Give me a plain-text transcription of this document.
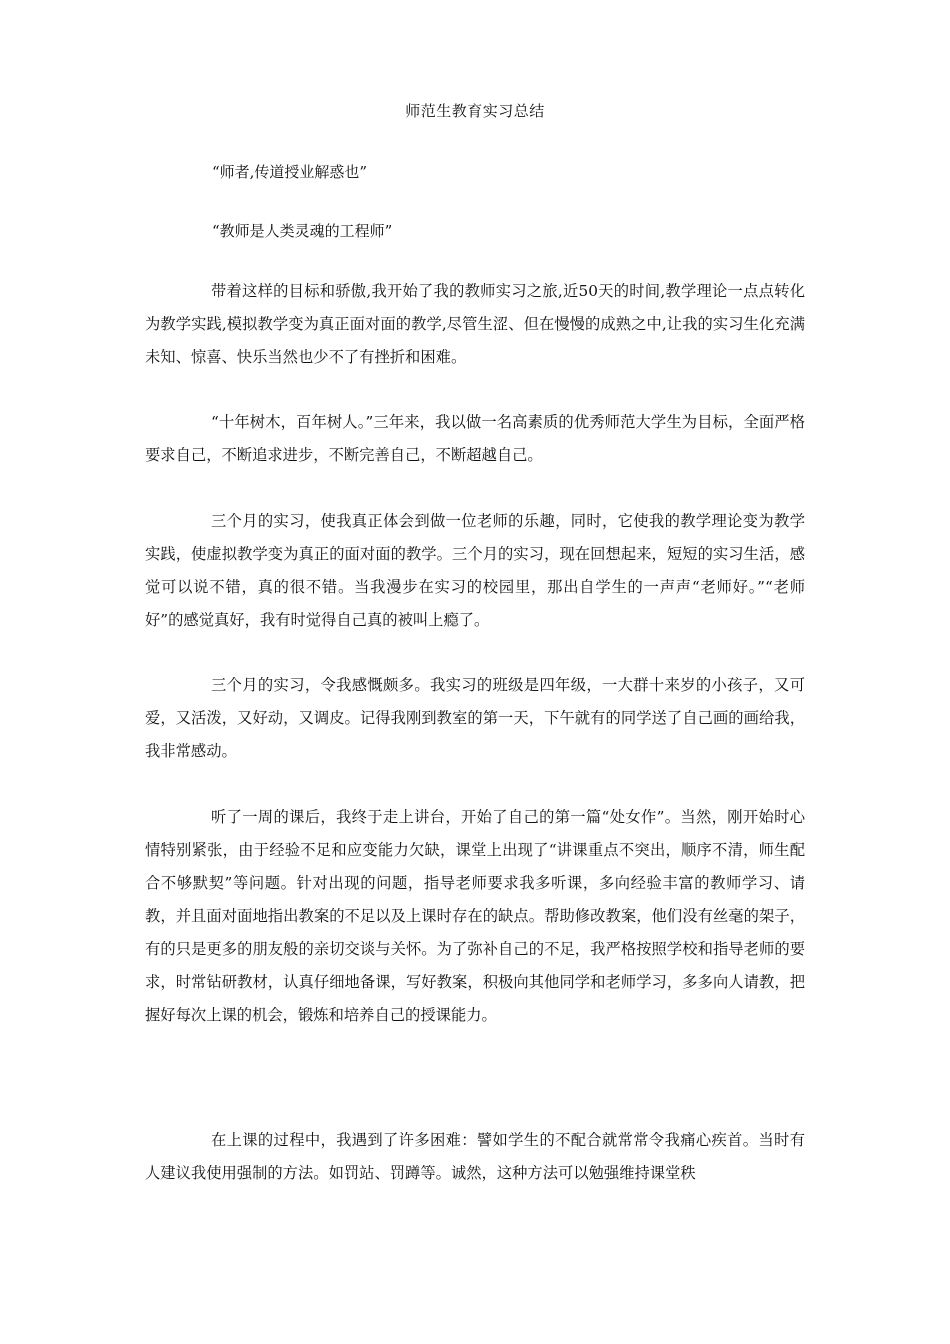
师范生教育实习总结
“师者,传道授业解惑也”
“教师是人类灵魂的工程师”

带着这样的目标和骄傲,我开始了我的教师实习之旅,近50天的时间,教学理论一点点转化为教学实践,模拟教学变为真正面对面的教学,尽管生涩、但在慢慢的成熟之中,让我的实习生化充满未知、惊喜、快乐当然也少不了有挫折和困难。

“十年树木，百年树人。”三年来，我以做一名高素质的优秀师范大学生为目标，全面严格要求自己，不断追求进步，不断完善自己，不断超越自己。

三个月的实习，使我真正体会到做一位老师的乐趣，同时，它使我的教学理论变为教学实践，使虚拟教学变为真正的面对面的教学。三个月的实习，现在回想起来，短短的实习生活，感觉可以说不错，真的很不错。当我漫步在实习的校园里，那出自学生的一声声“老师好。”“老师好”的感觉真好，我有时觉得自己真的被叫上瘾了。

三个月的实习，令我感慨颇多。我实习的班级是四年级，一大群十来岁的小孩子，又可爱，又活泼，又好动，又调皮。记得我刚到教室的第一天，下午就有的同学送了自己画的画给我，我非常感动。

听了一周的课后，我终于走上讲台，开始了自己的第一篇“处女作”。当然，刚开始时心情特别紧张，由于经验不足和应变能力欠缺，课堂上出现了“讲课重点不突出，顺序不清，师生配合不够默契”等问题。针对出现的问题，指导老师要求我多听课，多向经验丰富的教师学习、请教，并且面对面地指出教案的不足以及上课时存在的缺点。帮助修改教案，他们没有丝毫的架子，有的只是更多的朋友般的亲切交谈与关怀。为了弥补自己的不足，我严格按照学校和指导老师的要求，时常钻研教材，认真仔细地备课，写好教案，积极向其他同学和老师学习，多多向人请教，把握好每次上课的机会，锻炼和培养自己的授课能力。

在上课的过程中，我遇到了许多困难：譬如学生的不配合就常常令我痛心疾首。当时有人建议我使用强制的方法。如罚站、罚蹲等。诚然，这种方法可以勉强维持课堂秩
